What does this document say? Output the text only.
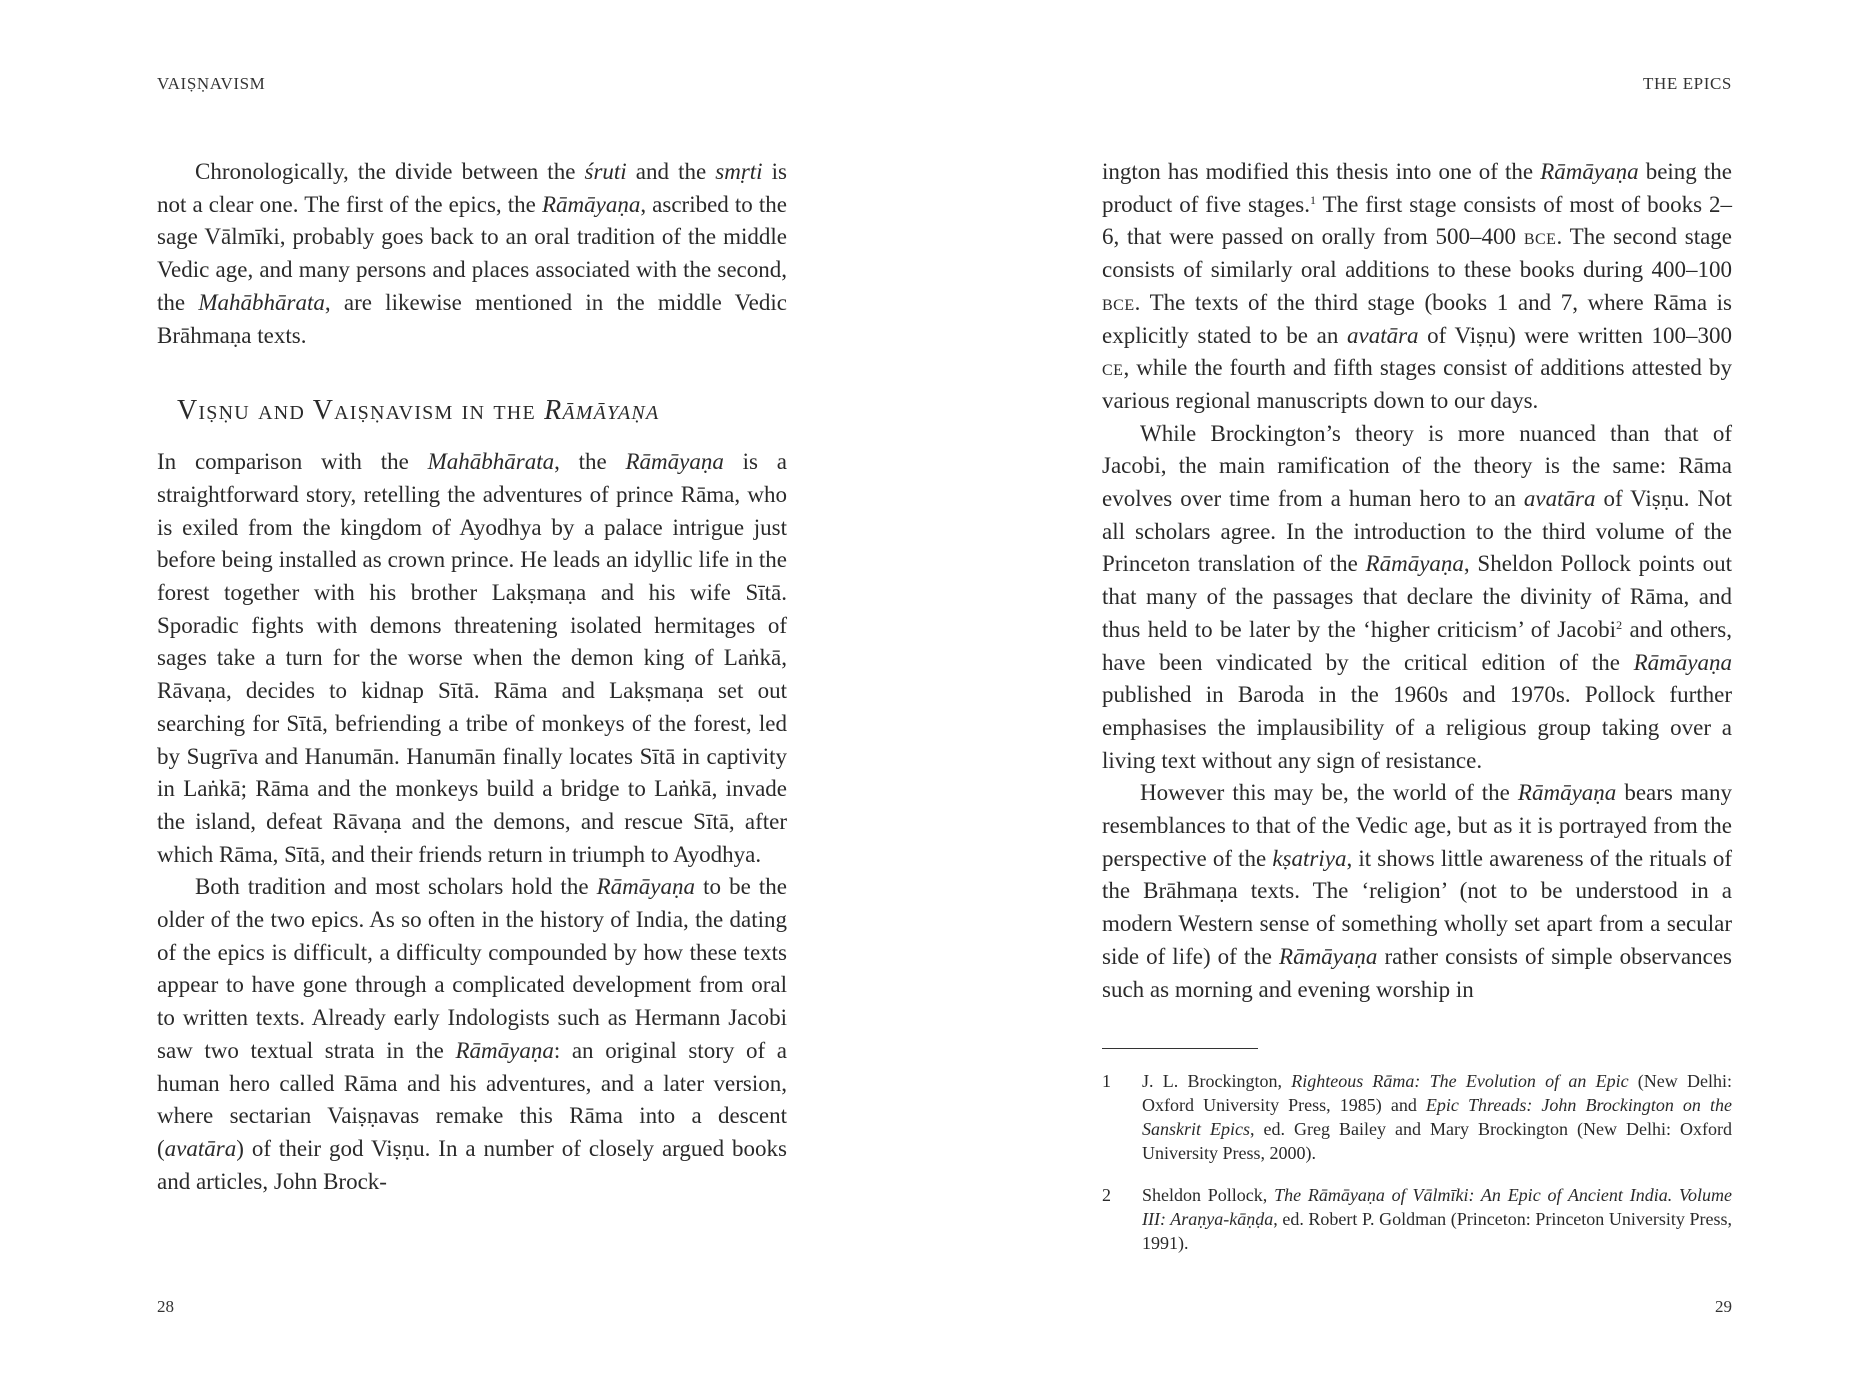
VAIṢṆAVISM

Chronologically, the divide between the śruti and the smṛti is not a clear one. The first of the epics, the Rāmāyaṇa, ascribed to the sage Vālmīki, probably goes back to an oral tradition of the middle Vedic age, and many persons and places associated with the second, the Mahābhārata, are likewise mentioned in the middle Vedic Brāhmaṇa texts.

Viṣṇu and Vaiṣṇavism in the Rāmāyaṇa

In comparison with the Mahābhārata, the Rāmāyaṇa is a straightforward story, retelling the adventures of prince Rāma, who is exiled from the kingdom of Ayodhya by a palace intrigue just before being installed as crown prince. He leads an idyllic life in the forest together with his brother Lakṣmaṇa and his wife Sītā. Sporadic fights with demons threatening isolated hermitages of sages take a turn for the worse when the demon king of Laṅkā, Rāvaṇa, decides to kidnap Sītā. Rāma and Lakṣmaṇa set out searching for Sītā, befriending a tribe of monkeys of the forest, led by Sugrīva and Hanumān. Hanumān finally locates Sītā in captivity in Laṅkā; Rāma and the monkeys build a bridge to Laṅkā, invade the island, defeat Rāvaṇa and the demons, and rescue Sītā, after which Rāma, Sītā, and their friends return in triumph to Ayodhya.

Both tradition and most scholars hold the Rāmāyaṇa to be the older of the two epics. As so often in the history of India, the dating of the epics is difficult, a difficulty compounded by how these texts appear to have gone through a complicated development from oral to written texts. Already early Indologists such as Hermann Jacobi saw two textual strata in the Rāmāyaṇa: an original story of a human hero called Rāma and his adventures, and a later version, where sectarian Vaiṣṇavas remake this Rāma into a descent (avatāra) of their god Viṣṇu. In a number of closely argued books and articles, John Brock-

28
THE EPICS

ington has modified this thesis into one of the Rāmāyaṇa being the product of five stages.$^1$ The first stage consists of most of books 2–6, that were passed on orally from 500–400 bce. The second stage consists of similarly oral additions to these books during 400–100 bce. The texts of the third stage (books 1 and 7, where Rāma is explicitly stated to be an avatāra of Viṣṇu) were written 100–300 ce, while the fourth and fifth stages consist of additions attested by various regional manuscripts down to our days.

While Brockington’s theory is more nuanced than that of Jacobi, the main ramification of the theory is the same: Rāma evolves over time from a human hero to an avatāra of Viṣṇu. Not all scholars agree. In the introduction to the third volume of the Princeton translation of the Rāmāyaṇa, Sheldon Pollock points out that many of the passages that declare the divinity of Rāma, and thus held to be later by the ‘higher criticism’ of Jacobi$^2$ and others, have been vindicated by the critical edition of the Rāmāyaṇa published in Baroda in the 1960s and 1970s. Pollock further emphasises the implausibility of a religious group taking over a living text without any sign of resistance.

However this may be, the world of the Rāmāyaṇa bears many resemblances to that of the Vedic age, but as it is portrayed from the perspective of the kṣatriya, it shows little awareness of the rituals of the Brāhmaṇa texts. The ‘religion’ (not to be understood in a modern Western sense of something wholly set apart from a secular side of life) of the Rāmāyaṇa rather consists of simple observances such as morning and evening worship in

1 J. L. Brockington, Righteous Rāma: The Evolution of an Epic (New Delhi: Oxford University Press, 1985) and Epic Threads: John Brockington on the Sanskrit Epics, ed. Greg Bailey and Mary Brockington (New Delhi: Oxford University Press, 2000).
2 Sheldon Pollock, The Rāmāyaṇa of Vālmīki: An Epic of Ancient India. Volume III: Araṇya-kāṇḍa, ed. Robert P. Goldman (Princeton: Princeton University Press, 1991).
29
